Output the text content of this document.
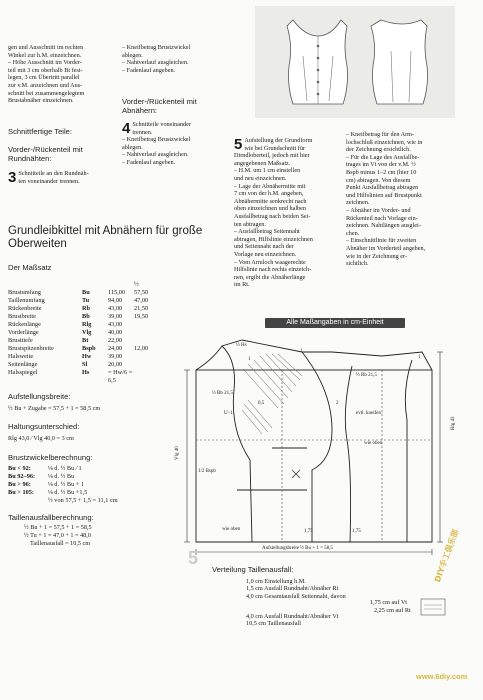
gen und Ausschnitt im rechten

Winkel zur h.M. einzeichnen.

– Höhe Ausschnitt im Vorder-

teil mit 3 cm oberhalb Bt fest-

legen, 3 cm Übertritt parallel

zur v.M. anzeichnen und Aus-

schnitt bei zusammengelegtem

Brustabnäher einzeichnen.

– Kneifbetrag Brustzwickel

ablegen.

– Nahtverlauf ausgleichen.

– Fadenlauf angeben.

Vorder-/Rückenteil mit
Abnähern:
4 Schnitteile voneinander
trennen.
– Kneifbetrag Brustzwickel
ablegen.
– Nahtverlauf ausgleichen.
– Fadenlauf angeben.
Schnittfertige Teile:
Vorder-/Rückenteil mit
Rundnähten:
3 Schnitteile an den Rundnäh-
ten voneinander trennen.
5 Aufstellung der Grundform
wie bei Grundschnitt für
Dirndloberteil, jedoch mit hier
angegebenen Maßsatz.
– H.M. um 1 cm einstellen
und neu einzeichnen.
– Lage der Abnähermitte mit
7 cm von der h.M. angeben,
Abnähermitte senkrecht nach
oben einzeichnen und halben
Ausfallbetrag nach beiden Sei-
ten abtragen.
– Ausfallbetrag Seitennaht
abtragen, Hilfslinie einzeichnen
und Seitennaht nach der
Vorlage neu einzeichnen.
– Vom Armloch waagerechte
Hilfslinie nach rechts einzeich-
nen, ergibt die Abnäherlänge
im Rt.
– Kneifbetrag für den Arm-
lochschluß einzeichnen, wie in
der Zeichnung ersichtlich.
– Für die Lage des Ausfallbe-
trages im Vt von der v.M. ½
Bspb minus 1–2 cm (hier 10
cm) abtragen. Von diesem
Punkt Ausfallbetrag abtragen
und Hilfslinien auf Brustpunkt
zeichnen.
– Abnäher im Vorder- und
Rückenteil nach Vorlage ein-
zeichnen. Nahtlängen ausglei-
chen.
– Einschnittlinie für zweiten
Abnäher im Vorderteil angeben,
wie in der Zeichnung er-
sichtlich.
Grundleibkittel mit Abnähern für große
Oberweiten
Der Maßsatz
			½
Brustumfang	Bu	115,00	57,50
Taillenumfang	Tu	94,00	47,00
Rückenbreite	Rb	43,00	21,50
Brustbreite	Bb	39,00	19,50
Rückenlänge	Rlg	43,00	
Vorderlänge	Vlg	40,00	
Brusttiefe	Bt	22,00	
Brustspitzenbreite	Bspb	24,00	12,00
Halsweite	Hw	39,00	
Seitenlänge	Sl	20,00	
Halsspiegel	Hs	= Hw/6 = 6,5	
Aufstellungsbreite:
½ Bu + Zugabe = 57,5 + 1 = 58,5 cm
Haltungsunterschied:
Rlg 43,0 ⁄ Vlg 40,0 = 3 cm
Brustzwickelberechnung:
Bu < 92:	⅛ d. ½ Bu ⁄ 1
Bu 92–96:	⅛ d. ½ Bu
Bu > 96:	⅛ d. ½ Bu + 1
Bu > 105:	⅛ d. ½ Bu +1,5
	½ von 57,5 + 1,5 = 11,1 cm
Taillenausfallberechnung:
½ Bu + 1 = 57,5 + 1 = 58,5
½ Tu + 1 = 47,0 + 1 = 48,0
Taillenausfall = 10,5 cm
Alle Maßangaben in cm-Einheit
½ Hs
1
½ Rb 21,5
½ Bb 21,5
Vlg 40
Rlg 43
1/2 Bspb
wie oben
wie oben
Aufstellungsbreite ½ Bu + 1 = 58,5
evtl. kneifen
U÷1
5
1
1,75	1,75
0,5	2
1
Verteilung Taillenausfall:
1,0 cm Einstellung h.M.
1,5 cm Ausfall Rundnaht/Abnäher Rt
4,0 cm Gesamtausfall Seitennaht, davon
4,0 cm Ausfall Rundnaht/Abnäher Vt
10,5 cm Taillenausfall
1,75 cm auf Vt
2,25 cm auf Rt
www.6diy.com
DIY手工俱乐部
